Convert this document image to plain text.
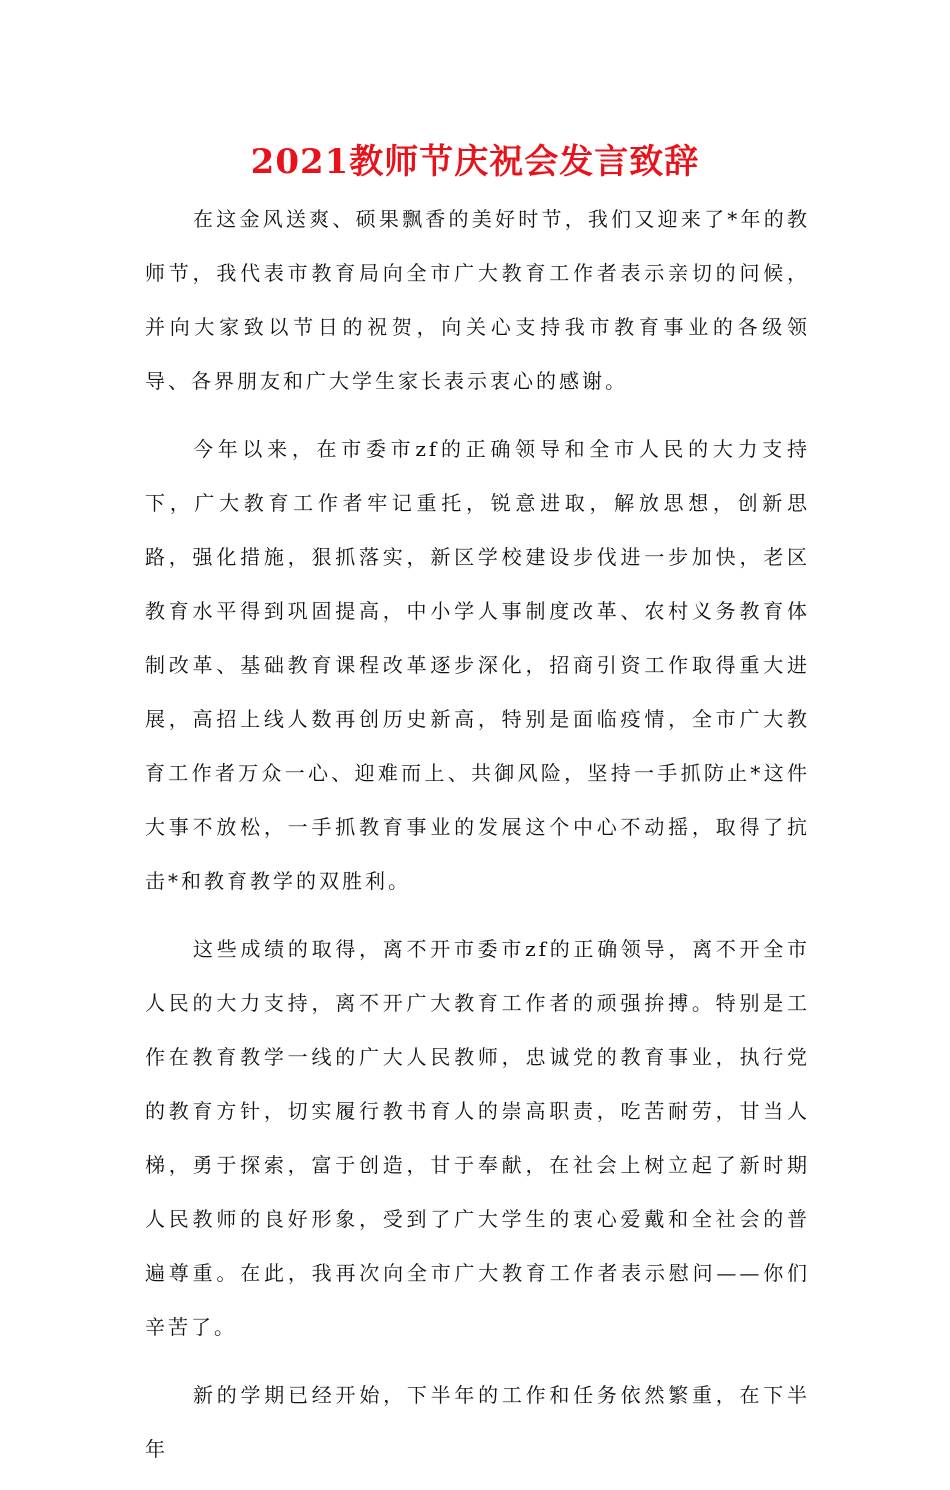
2021教师节庆祝会发言致辞

在这金风送爽、硕果飘香的美好时节，我们又迎来了*年的教师节，我代表市教育局向全市广大教育工作者表示亲切的问候，并向大家致以节日的祝贺，向关心支持我市教育事业的各级领导、各界朋友和广大学生家长表示衷心的感谢。

今年以来，在市委市zf的正确领导和全市人民的大力支持下，广大教育工作者牢记重托，锐意进取，解放思想，创新思路，强化措施，狠抓落实，新区学校建设步伐进一步加快，老区教育水平得到巩固提高，中小学人事制度改革、农村义务教育体制改革、基础教育课程改革逐步深化，招商引资工作取得重大进展，高招上线人数再创历史新高，特别是面临疫情，全市广大教育工作者万众一心、迎难而上、共御风险，坚持一手抓防止*这件大事不放松，一手抓教育事业的发展这个中心不动摇，取得了抗击*和教育教学的双胜利。

这些成绩的取得，离不开市委市zf的正确领导，离不开全市人民的大力支持，离不开广大教育工作者的顽强拚搏。特别是工作在教育教学一线的广大人民教师，忠诚党的教育事业，执行党的教育方针，切实履行教书育人的崇高职责，吃苦耐劳，甘当人梯，勇于探索，富于创造，甘于奉献，在社会上树立起了新时期人民教师的良好形象，受到了广大学生的衷心爱戴和全社会的普遍尊重。在此，我再次向全市广大教育工作者表示慰问——你们辛苦了。

新的学期已经开始，下半年的工作和任务依然繁重，在下半年
